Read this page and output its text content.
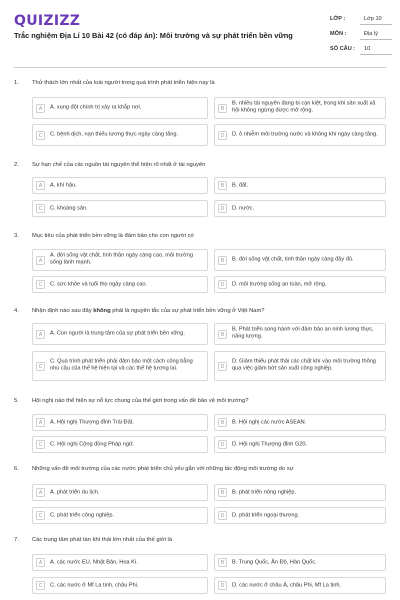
QUIZIZZ
Trắc nghiệm Địa Lí 10 Bài 42 (có đáp án): Môi trường và sự phát triển bền vững
LỚP :	Lớp 10
MÔN :	Địa lý
SỐ CÂU : 10
1. Thử thách lớn nhất của loài người trong quá trình phát triển hiện nay là
A	A. xung đột chính trị xảy ra khắp nơi.	B
B. nhiều tài nguyên đang bị cạn kiệt, trong khi sản xuất xã hội không ngừng được mở rộng.
C	C. bệnh dịch, nạn thiếu lương thực ngày càng tăng.	D	D. ô nhiễm môi trường nước và không khí ngày càng tăng.
2. Sự hạn chế của các nguồn tài nguyên thể hiện rõ nhất ở tài nguyên
A	A. khí hậu.	B	B. đất.
C	C. khoáng sản.	D	D. nước.
3. Mục tiêu của phát triển bền vững là đảm bảo cho con người có
A
A. đời sống vật chất, tinh thần ngày càng cao, môi trường sống lành mạnh.	B	B. đời sống vật chất, tinh thần ngày càng đầy đủ.
C	C. sức khỏe và tuổi thọ ngày càng cao.	D	D. môi trường sống an toàn, mở rộng.
4. Nhận định nào sau đây không phải là nguyên tắc của sự phát triển bền vững ở Việt Nam?
A	A. Con người là trung tâm của sự phát triển bền vững.	B
B. Phát triển song hành với đảm bảo an ninh lương thực, năng lượng.
C
C. Quá trình phát triển phải đảm bảo một cách công bằng nhu cầu của thế hệ hiện tại và các thế hệ tương lai.	D
D. Giảm thiểu phát thải các chất khí vào môi trường thông qua việc giảm bớt sản xuất công nghiệp.
5. Hội nghị nào thể hiện sự nỗ lực chung của thế giới trong vấn đề bảo vệ môi trường?
A	A. Hội nghị Thượng đỉnh Trái Đất.	B	B. Hội nghị các nước ASEAN.
C	C. Hội nghị Cộng đồng Pháp ngữ.	D	D. Hội nghị Thượng đỉnh G20.
6. Những vấn đề môi trường của các nước phát triển chủ yếu gắn với những tác động môi trường do sự
A	A. phát triển du lịch.	B	B. phát triển nông nghiệp.
C	C. phát triển công nghiệp.	D	D. phát triển ngoại thương.
7. Các trung tâm phát tán khí thải lớn nhất của thế giới là
A	A. các nước EU, Nhật Bản, Hoa Kì.	B	B. Trung Quốc, Ấn Độ, Hàn Quốc.
C	C. các nước ở Mĩ La tinh, châu Phi.	D	D. các nước ở châu Á, châu Phi, Mĩ La tinh.
